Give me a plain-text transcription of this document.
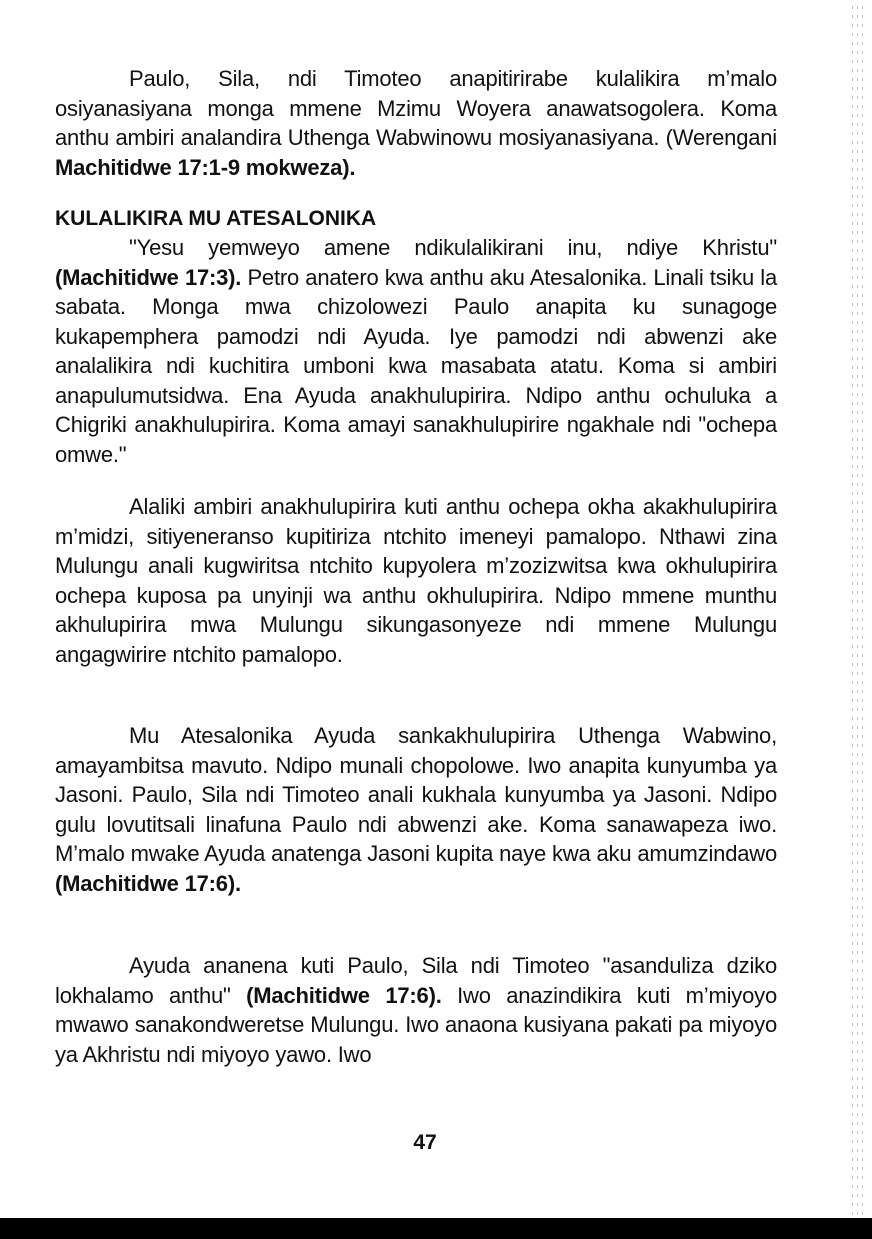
Paulo, Sila, ndi Timoteo anapitirirabe kulalikira m’malo osiyanasiyana monga mmene Mzimu Woyera anawatsogolera. Koma anthu ambiri analandira Uthenga Wabwinowu mosiyanasiyana. (Werengani Machitidwe 17:1-9 mokweza).

KULALIKIRA MU ATESALONIKA

"Yesu yemweyo amene ndikulalikirani inu, ndiye Khristu" (Machitidwe 17:3). Petro anatero kwa anthu aku Atesalonika. Linali tsiku la sabata. Monga mwa chizolowezi Paulo anapita ku sunagoge kukapemphera pamodzi ndi Ayuda. Iye pamodzi ndi abwenzi ake analalikira ndi kuchitira umboni kwa masabata atatu. Koma si ambiri anapulumutsidwa. Ena Ayuda anakhulupirira. Ndipo anthu ochuluka a Chigriki anakhulupirira. Koma amayi sanakhulupirire ngakhale ndi "ochepa omwe."

Alaliki ambiri anakhulupirira kuti anthu ochepa okha akakhulupirira m’midzi, sitiyeneranso kupitiriza ntchito imeneyi pamalopo. Nthawi zina Mulungu anali kugwiritsa ntchito kupyolera m’zozizwitsa kwa okhulupirira ochepa kuposa pa unyinji wa anthu okhulupirira. Ndipo mmene munthu akhulupirira mwa Mulungu sikungasonyeze ndi mmene Mulungu angagwirire ntchito pamalopo.

Mu Atesalonika Ayuda sankakhulupirira Uthenga Wabwino, amayambitsa mavuto. Ndipo munali chopolowe. Iwo anapita kunyumba ya Jasoni. Paulo, Sila ndi Timoteo anali kukhala kunyumba ya Jasoni. Ndipo gulu lovutitsali linafuna Paulo ndi abwenzi ake. Koma sanawapeza iwo. M’malo mwake Ayuda anatenga Jasoni kupita naye kwa aku amumzindawo (Machitidwe 17:6).

Ayuda ananena kuti Paulo, Sila ndi Timoteo "asanduliza dziko lokhalamo anthu" (Machitidwe 17:6). Iwo anazindikira kuti m’miyoyo mwawo sanakondweretse Mulungu. Iwo anaona kusiyana pakati pa miyoyo ya Akhristu ndi miyoyo yawo. Iwo

47
